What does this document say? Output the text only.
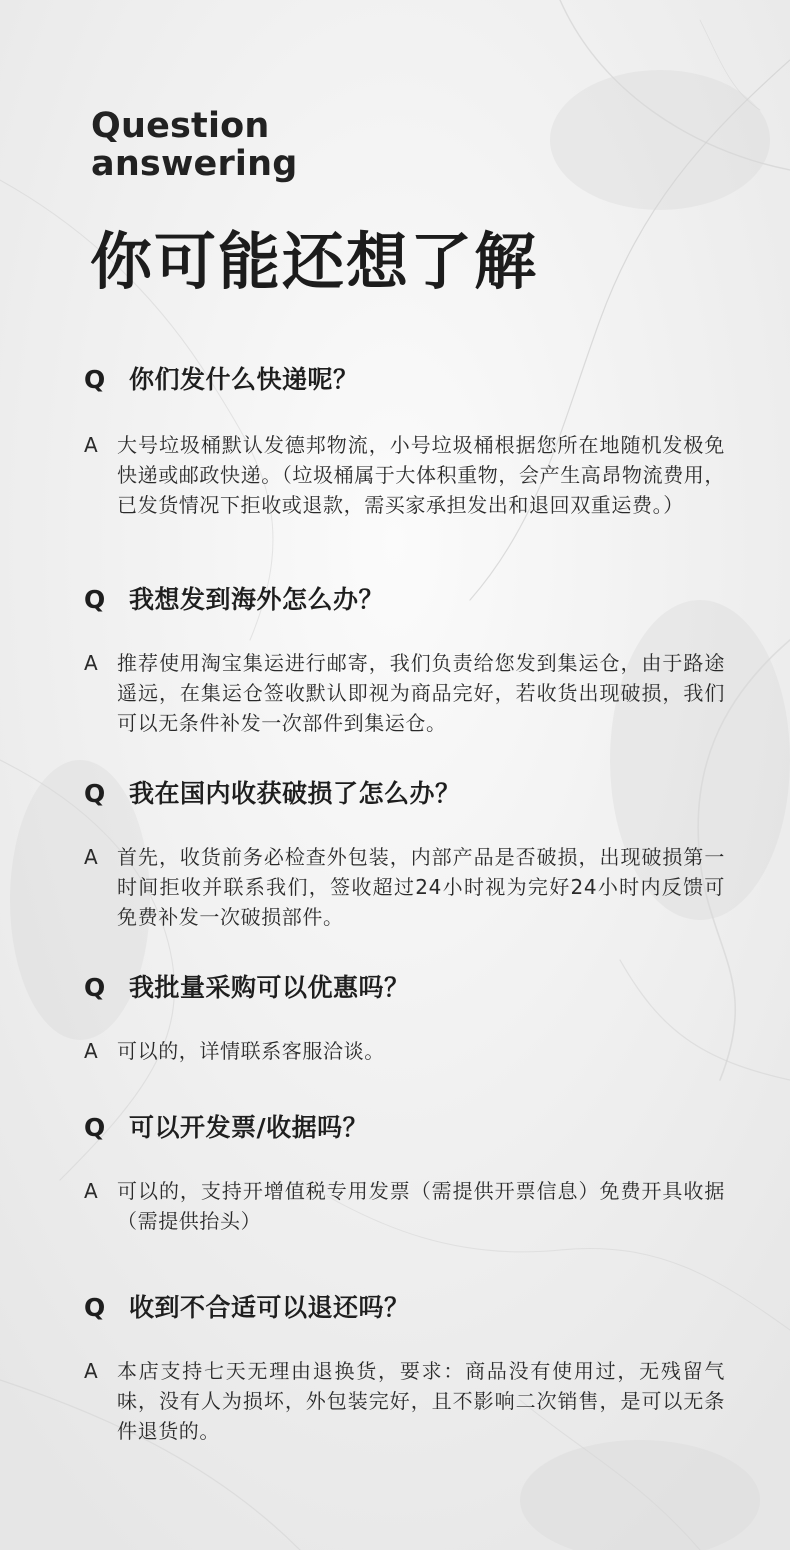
Question
answering
你可能还想了解
Q 你们发什么快递呢？
A 大号垃圾桶默认发德邦物流，小号垃圾桶根据您所在地随机发极免快递或邮政快递。（垃圾桶属于大体积重物，会产生高昂物流费用，已发货情况下拒收或退款，需买家承担发出和退回双重运费。）
Q 我想发到海外怎么办？
A 推荐使用淘宝集运进行邮寄，我们负责给您发到集运仓，由于路途遥远，在集运仓签收默认即视为商品完好，若收货出现破损，我们可以无条件补发一次部件到集运仓。
Q 我在国内收获破损了怎么办？
A 首先，收货前务必检查外包装，内部产品是否破损，出现破损第一时间拒收并联系我们，签收超过24小时视为完好24小时内反馈可免费补发一次破损部件。
Q 我批量采购可以优惠吗？
A 可以的，详情联系客服洽谈。
Q 可以开发票/收据吗？
A 可以的，支持开增值税专用发票（需提供开票信息）免费开具收据（需提供抬头）
Q 收到不合适可以退还吗？
A 本店支持七天无理由退换货，要求：商品没有使用过，无残留气味，没有人为损坏，外包装完好，且不影响二次销售，是可以无条件退货的。
